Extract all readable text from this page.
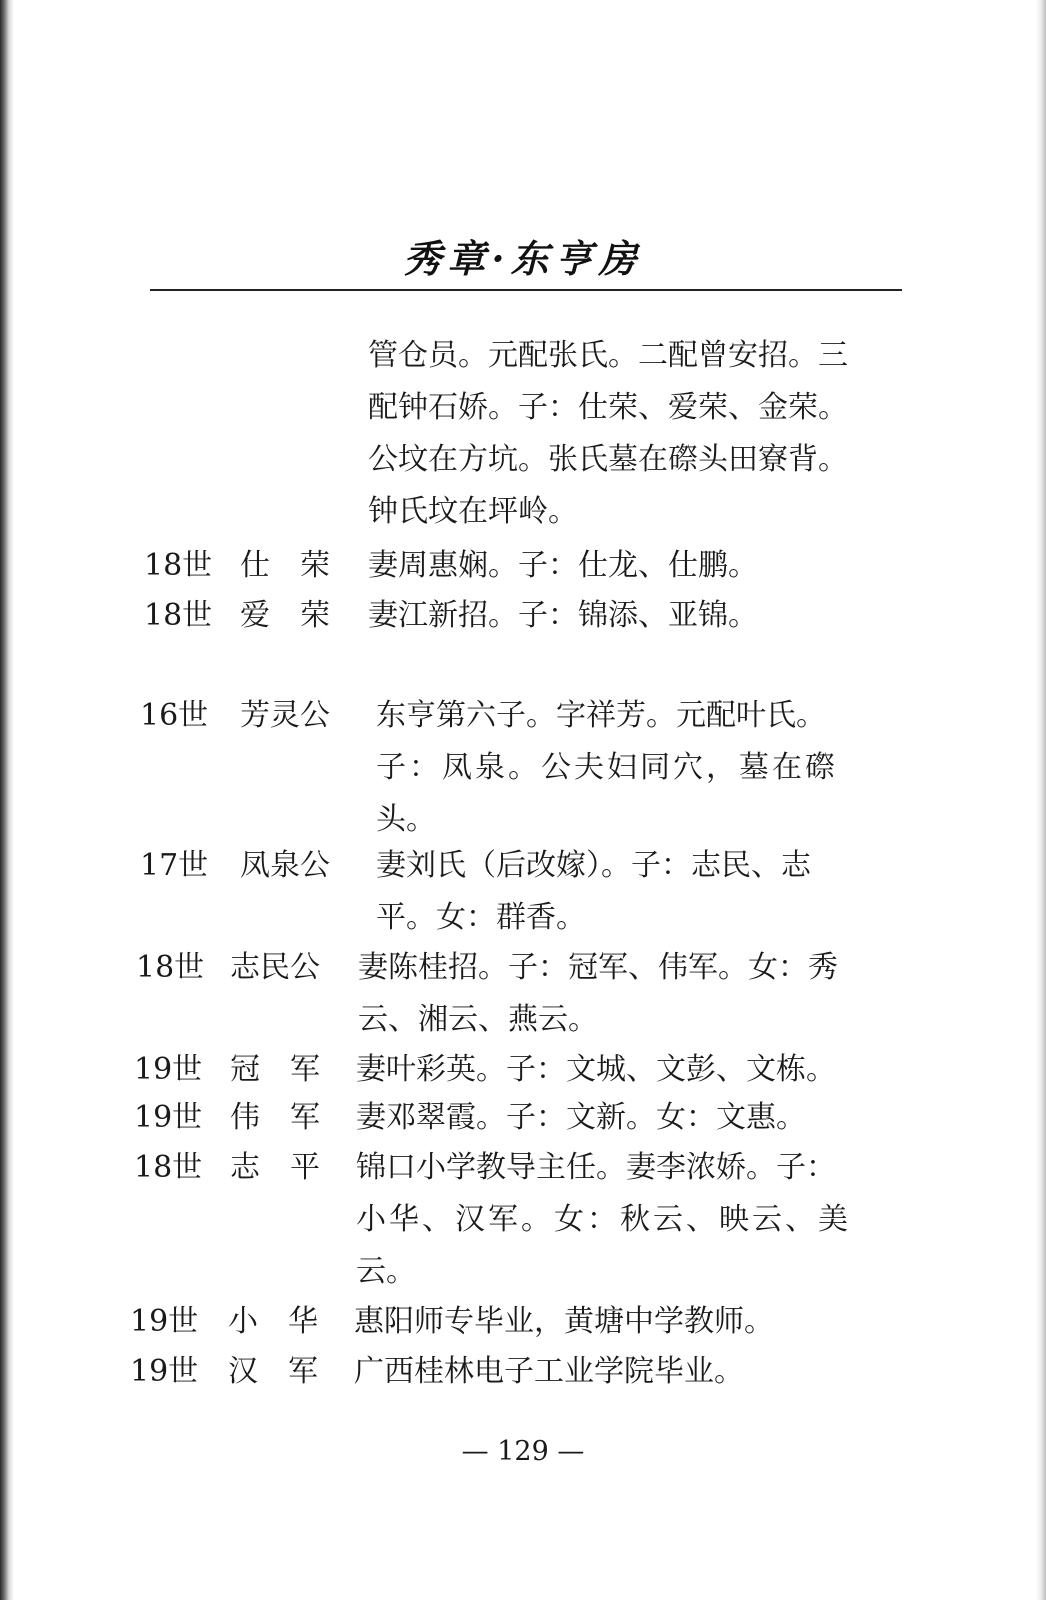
秀章·东亨房
管仓员。元配张氏。二配曾安招。三
配钟石娇。子：仕荣、爱荣、金荣。
公坟在方坑。张氏墓在磜头田寮背。
钟氏坟在坪岭。
18世 仕荣 妻周惠娴。子：仕龙、仕鹏。
18世 爱荣 妻江新招。子：锦添、亚锦。
16世	芳灵公 东亨第六子。字祥芳。元配叶氏。
子：凤泉。公夫妇同穴，墓在磜
头。
17世	凤泉公 妻刘氏（后改嫁）。子：志民、志
平。女：群香。
18世 志民公 妻陈桂招。子：冠军、伟军。女：秀
云、湘云、燕云。
19世 冠军 妻叶彩英。子：文城、文彭、文栋。
19世 伟军 妻邓翠霞。子：文新。女：文惠。
18世 志平 锦口小学教导主任。妻李浓娇。子：
小华、汉军。女：秋云、映云、美
云。
19世 小华 惠阳师专毕业，黄塘中学教师。
19世 汉军 广西桂林电子工业学院毕业。
— 129 —
